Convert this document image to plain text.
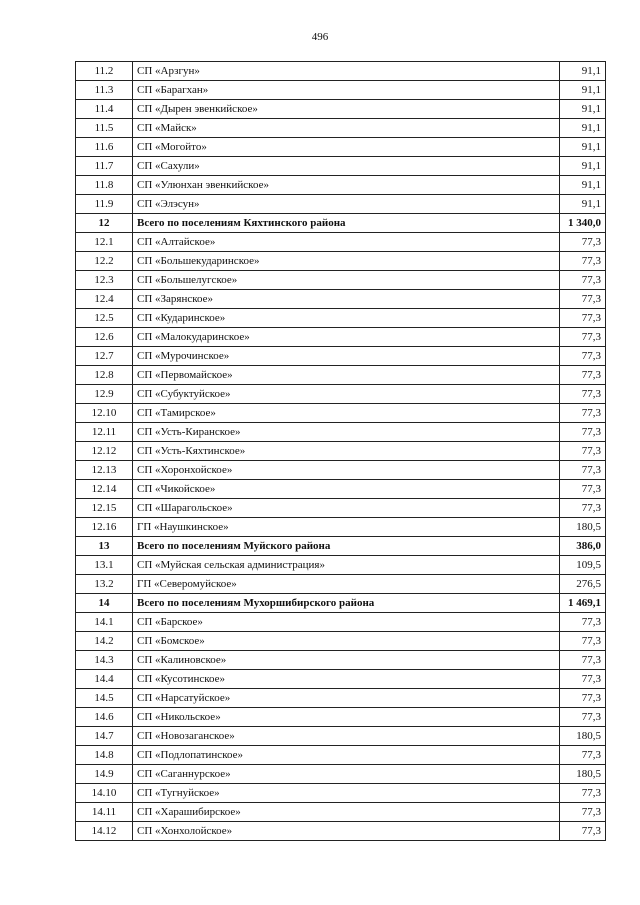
496
11.2	СП «Арзгун»	91,1
11.3	СП «Барагхан»	91,1
11.4	СП «Дырен эвенкийское»	91,1
11.5	СП «Майск»	91,1
11.6	СП «Могойто»	91,1
11.7	СП «Сахули»	91,1
11.8	СП «Улюнхан эвенкийское»	91,1
11.9	СП «Элэсун»	91,1
12	Всего по поселениям Кяхтинского района	1 340,0
12.1	СП «Алтайское»	77,3
12.2	СП «Большекударинское»	77,3
12.3	СП «Большелугское»	77,3
12.4	СП «Зарянское»	77,3
12.5	СП «Кударинское»	77,3
12.6	СП «Малокударинское»	77,3
12.7	СП «Мурочинское»	77,3
12.8	СП «Первомайское»	77,3
12.9	СП «Субуктуйское»	77,3
12.10	СП «Тамирское»	77,3
12.11	СП «Усть-Киранское»	77,3
12.12	СП «Усть-Кяхтинское»	77,3
12.13	СП «Хоронхойское»	77,3
12.14	СП «Чикойское»	77,3
12.15	СП «Шарагольское»	77,3
12.16	ГП «Наушкинское»	180,5
13	Всего по поселениям Муйского района	386,0
13.1	СП «Муйская сельская администрация»	109,5
13.2	ГП «Северомуйское»	276,5
14	Всего по поселениям Мухоршибирского района	1 469,1
14.1	СП «Барское»	77,3
14.2	СП «Бомское»	77,3
14.3	СП «Калиновское»	77,3
14.4	СП «Кусотинское»	77,3
14.5	СП «Нарсатуйское»	77,3
14.6	СП «Никольское»	77,3
14.7	СП «Новозаганское»	180,5
14.8	СП «Подлопатинское»	77,3
14.9	СП «Саганнурское»	180,5
14.10	СП «Тугнуйское»	77,3
14.11	СП «Харашибирское»	77,3
14.12	СП «Хонхолойское»	77,3
